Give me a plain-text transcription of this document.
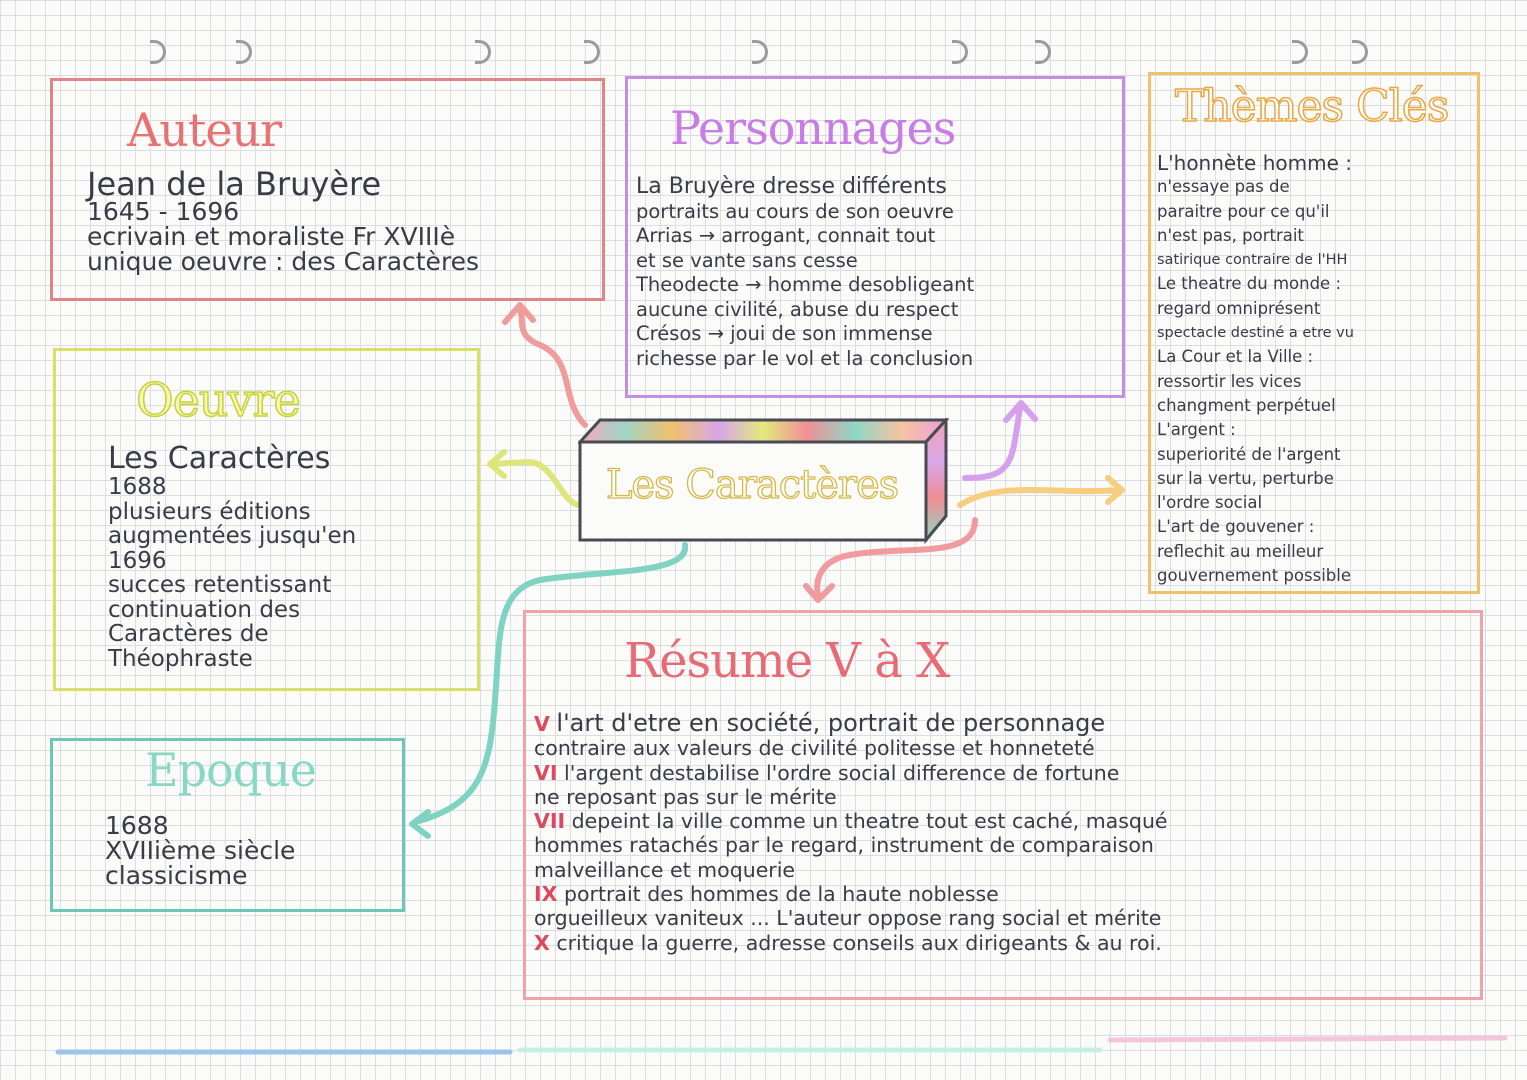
Auteur
Jean de la Bruyère
1645 - 1696
ecrivain et moraliste Fr XVIIIè
unique oeuvre : des Caractères
Personnages
La Bruyère dresse différents
portraits au cours de son oeuvre
Arrias → arrogant, connait tout
et se vante sans cesse
Theodecte → homme desobligeant
aucune civilité, abuse du respect
Crésos → joui de son immense
richesse par le vol et la conclusion
Thèmes Clés
L'honnète homme :
n'essaye pas de
paraitre pour ce qu'il
n'est pas, portrait
satirique contraire de l'HH
Le theatre du monde :
regard omniprésent
spectacle destiné a etre vu
La Cour et la Ville :
ressortir les vices
changment perpétuel
L'argent :
superiorité de l'argent
sur la vertu, perturbe
l'ordre social
L'art de gouvener :
reflechit au meilleur
gouvernement possible
Oeuvre
Les Caractères
1688
plusieurs éditions
augmentées jusqu'en
1696
succes retentissant
continuation des
Caractères de
Théophraste
Les Caractères
Epoque
1688
XVIIième siècle
classicisme
Résume V à X
V l'art d'etre en société, portrait de personnage
contraire aux valeurs de civilité politesse et honneteté
VI l'argent destabilise l'ordre social difference de fortune
ne reposant pas sur le mérite
VII depeint la ville comme un theatre tout est caché, masqué
hommes ratachés par le regard, instrument de comparaison
malveillance et moquerie
IX portrait des hommes de la haute noblesse
orgueilleux vaniteux ... L'auteur oppose rang social et mérite
X critique la guerre, adresse conseils aux dirigeants & au roi.
